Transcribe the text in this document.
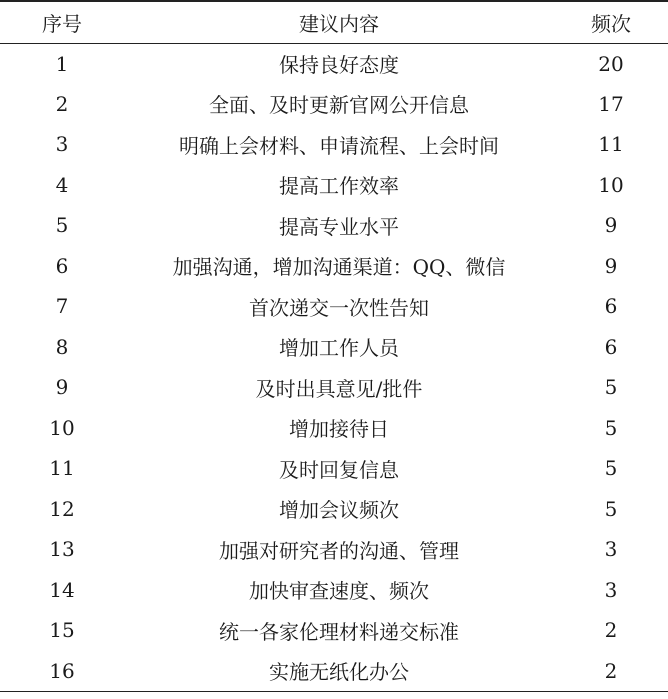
序号	建议内容	频次
1	保持良好态度	20
2	全面、及时更新官网公开信息	17
3	明确上会材料、申请流程、上会时间	11
4	提高工作效率	10
5	提高专业水平	9
6	加强沟通，增加沟通渠道：QQ、微信	9
7	首次递交一次性告知	6
8	增加工作人员	6
9	及时出具意见/批件	5
10	增加接待日	5
11	及时回复信息	5
12	增加会议频次	5
13	加强对研究者的沟通、管理	3
14	加快审查速度、频次	3
15	统一各家伦理材料递交标准	2
16	实施无纸化办公	2
